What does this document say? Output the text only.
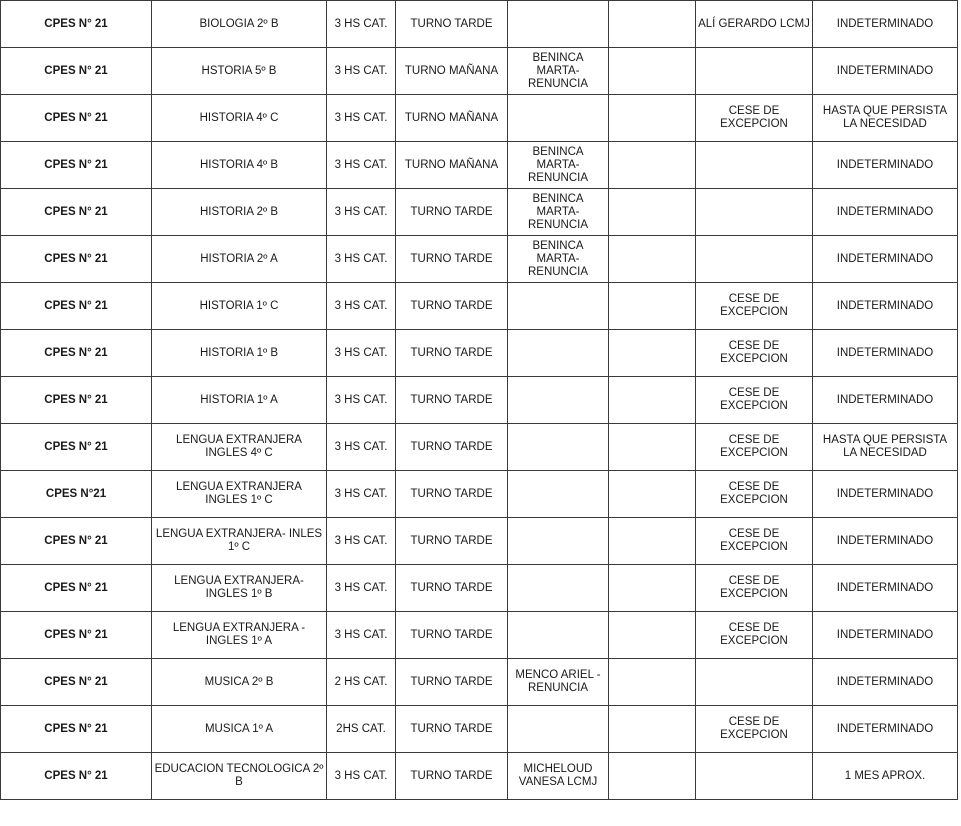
CPES N° 21	BIOLOGIA 2º B	3 HS CAT.	TURNO TARDE			ALÍ GERARDO LCMJ	INDETERMINADO
CPES N° 21	HSTORIA 5º B	3 HS CAT.	TURNO MAÑANA	BENINCA MARTA-RENUNCIA			INDETERMINADO
CPES N° 21	HISTORIA 4º C	3 HS CAT.	TURNO MAÑANA			CESE DE EXCEPCION	HASTA QUE PERSISTA LA NECESIDAD
CPES N° 21	HISTORIA 4º B	3 HS CAT.	TURNO MAÑANA	BENINCA MARTA-RENUNCIA			INDETERMINADO
CPES N° 21	HISTORIA 2º B	3 HS CAT.	TURNO TARDE	BENINCA MARTA-RENUNCIA			INDETERMINADO
CPES N° 21	HISTORIA 2º A	3 HS CAT.	TURNO TARDE	BENINCA MARTA-RENUNCIA			INDETERMINADO
CPES N° 21	HISTORIA 1º C	3 HS CAT.	TURNO TARDE			CESE DE EXCEPCION	INDETERMINADO
CPES N° 21	HISTORIA 1º B	3 HS CAT.	TURNO TARDE			CESE DE EXCEPCION	INDETERMINADO
CPES N° 21	HISTORIA 1º A	3 HS CAT.	TURNO TARDE			CESE DE EXCEPCION	INDETERMINADO
CPES N° 21	LENGUA EXTRANJERA INGLES 4º C	3 HS CAT.	TURNO TARDE			CESE DE EXCEPCION	HASTA QUE PERSISTA LA NECESIDAD
CPES N°21	LENGUA EXTRANJERA INGLES 1º C	3 HS CAT.	TURNO TARDE			CESE DE EXCEPCION	INDETERMINADO
CPES N° 21	LENGUA EXTRANJERA- INLES 1º C	3 HS CAT.	TURNO TARDE			CESE DE EXCEPCION	INDETERMINADO
CPES N° 21	LENGUA EXTRANJERA- INGLES 1º B	3 HS CAT.	TURNO TARDE			CESE DE EXCEPCION	INDETERMINADO
CPES N° 21	LENGUA EXTRANJERA -INGLES 1º A	3 HS CAT.	TURNO TARDE			CESE DE EXCEPCION	INDETERMINADO
CPES N° 21	MUSICA 2º B	2 HS CAT.	TURNO TARDE	MENCO ARIEL -RENUNCIA			INDETERMINADO
CPES N° 21	MUSICA 1º A	2HS CAT.	TURNO TARDE			CESE DE EXCEPCION	INDETERMINADO
CPES N° 21	EDUCACION TECNOLOGICA 2º B	3 HS CAT.	TURNO TARDE	MICHELOUD VANESA LCMJ			1 MES APROX.
